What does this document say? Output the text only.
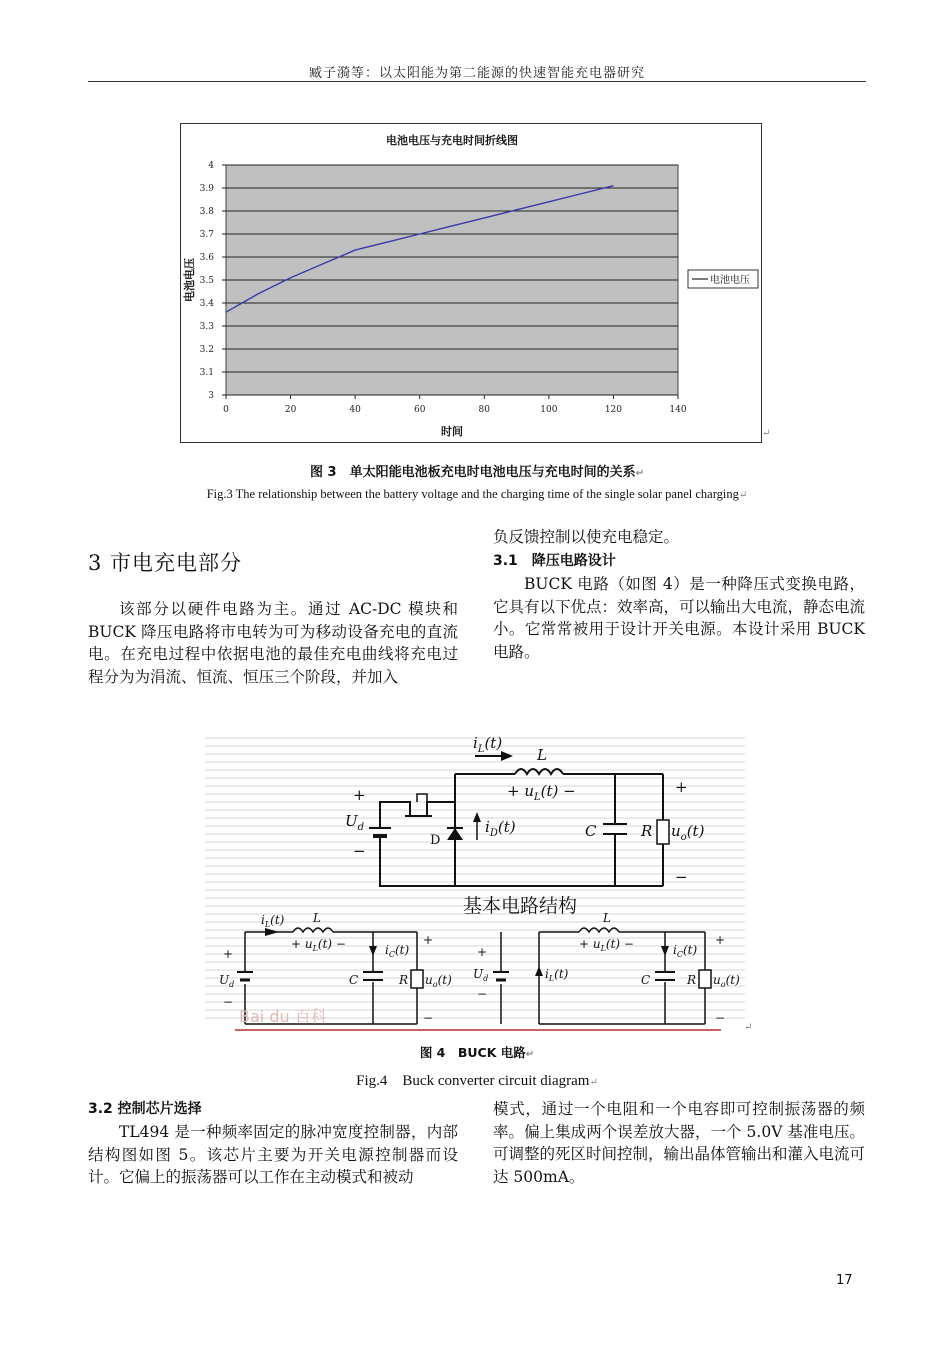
臧子漪等：以太阳能为第二能源的快速智能充电器研究
电池电压与充电时间折线图
3
3.1
3.2
3.3
3.4
3.5
3.6
3.7
3.8
3.9
4
0	20	40	60	80	100	120	140
时间
电池电压	电池电压
↵
图 3　单太阳能电池板充电时电池电压与充电时间的关系↵
Fig.3 The relationship between the battery voltage and the charging time of the single solar panel charging↵
3 市电充电部分
该部分以硬件电路为主。通过 AC-DC 模块和 BUCK 降压电路将市电转为可为移动设备充电的直流电。在充电过程中依据电池的最佳充电曲线将充电过程分为为涓流、恒流、恒压三个阶段，并加入
负反馈控制以使充电稳定。
3.1　降压电路设计
BUCK 电路（如图 4）是一种降压式变换电路，它具有以下优点：效率高，可以输出大电流，静态电流小。它常常被用于设计开关电源。本设计采用 BUCK 电路。
$i_L(t)$
L
+ $u_L(t)$ −
$U_d$
+
−
D
$i_D(t)$	C	R $u_o(t)$
+
−
基本电路结构
$i_L(t)$ L
+ $u_L(t)$ −	$i_C(t)$
C	R $u_o(t)$
$U_d$
+
−
+
−
Bai du 百科
L
+ $u_L(t)$ −
$i_L(t)$
$i_C(t)$
C	R $u_o(t)$
$U_d$
+
−
+
−
↵
图 4　BUCK 电路↵
Fig.4　Buck converter circuit diagram↵
3.2 控制芯片选择
TL494 是一种频率固定的脉冲宽度控制器，内部结构图如图 5。该芯片主要为开关电源控制器而设计。它偏上的振荡器可以工作在主动模式和被动
模式，通过一个电阻和一个电容即可控制振荡器的频率。偏上集成两个误差放大器，一个 5.0V 基准电压。可调整的死区时间控制，输出晶体管输出和灌入电流可达 500mA。
17
